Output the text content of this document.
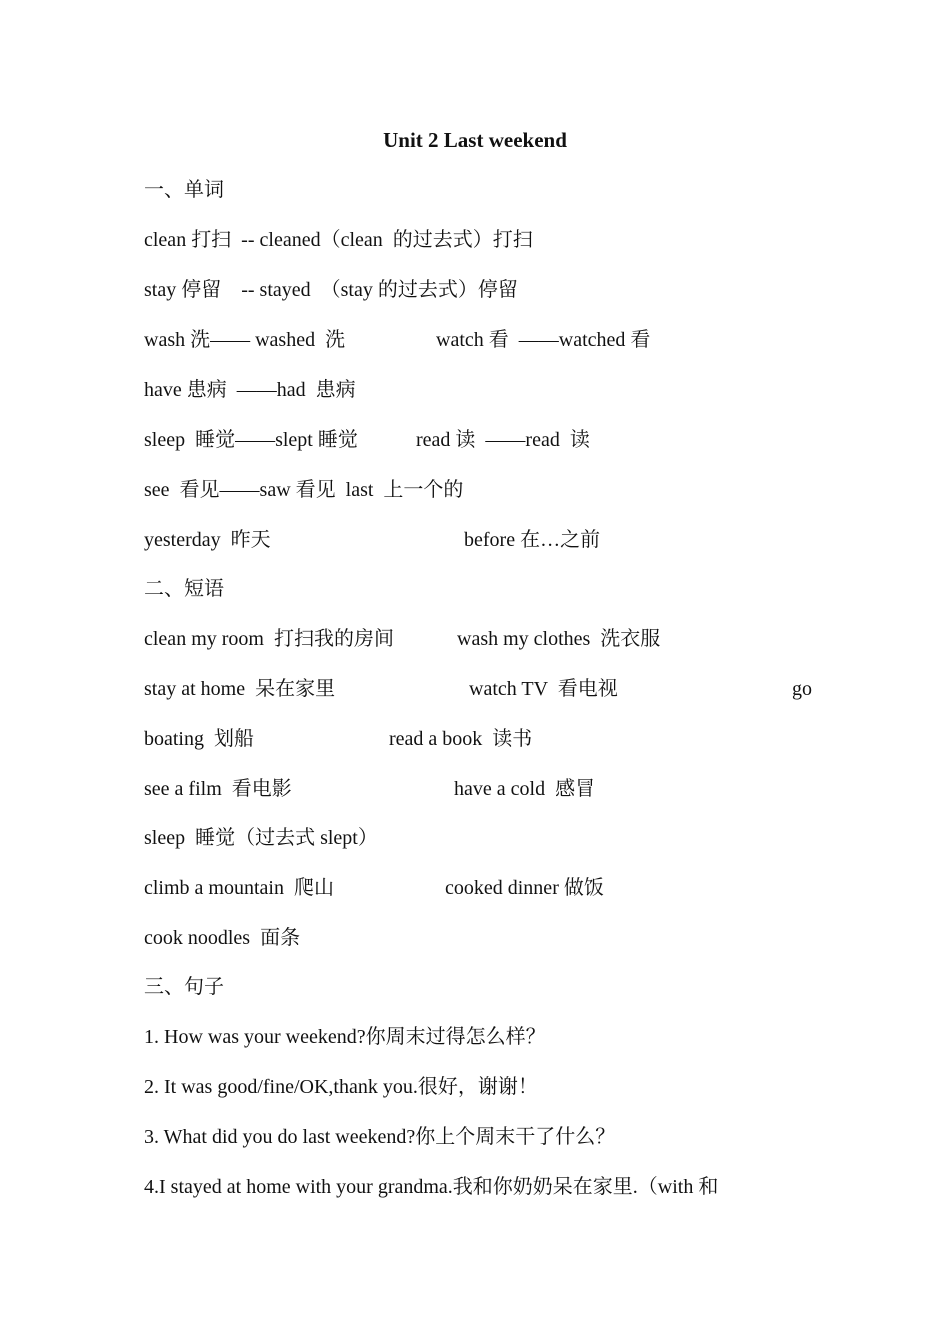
Unit 2 Last weekend
一、单词
clean 打扫  -- cleaned（clean  的过去式）打扫
stay 停留    -- stayed  （stay 的过去式）停留
wash 洗—— washed  洗	watch 看  ——watched 看
have 患病  ——had  患病
sleep  睡觉——slept 睡觉	read 读  ——read  读
see  看见——saw 看见  last  上一个的
yesterday  昨天	before 在…之前
二、短语
clean my room  打扫我的房间	wash my clothes  洗衣服
stay at home  呆在家里	watch TV  看电视	go
boating  划船	read a book  读书
see a film  看电影	have a cold  感冒
sleep  睡觉（过去式 slept）
climb a mountain  爬山	cooked dinner 做饭
cook noodles  面条
三、句子
1. How was your weekend?你周末过得怎么样？
2. It was good/fine/OK,thank you.很好，谢谢！
3. What did you do last weekend?你上个周末干了什么？
4.I stayed at home with your grandma.我和你奶奶呆在家里.（with 和
